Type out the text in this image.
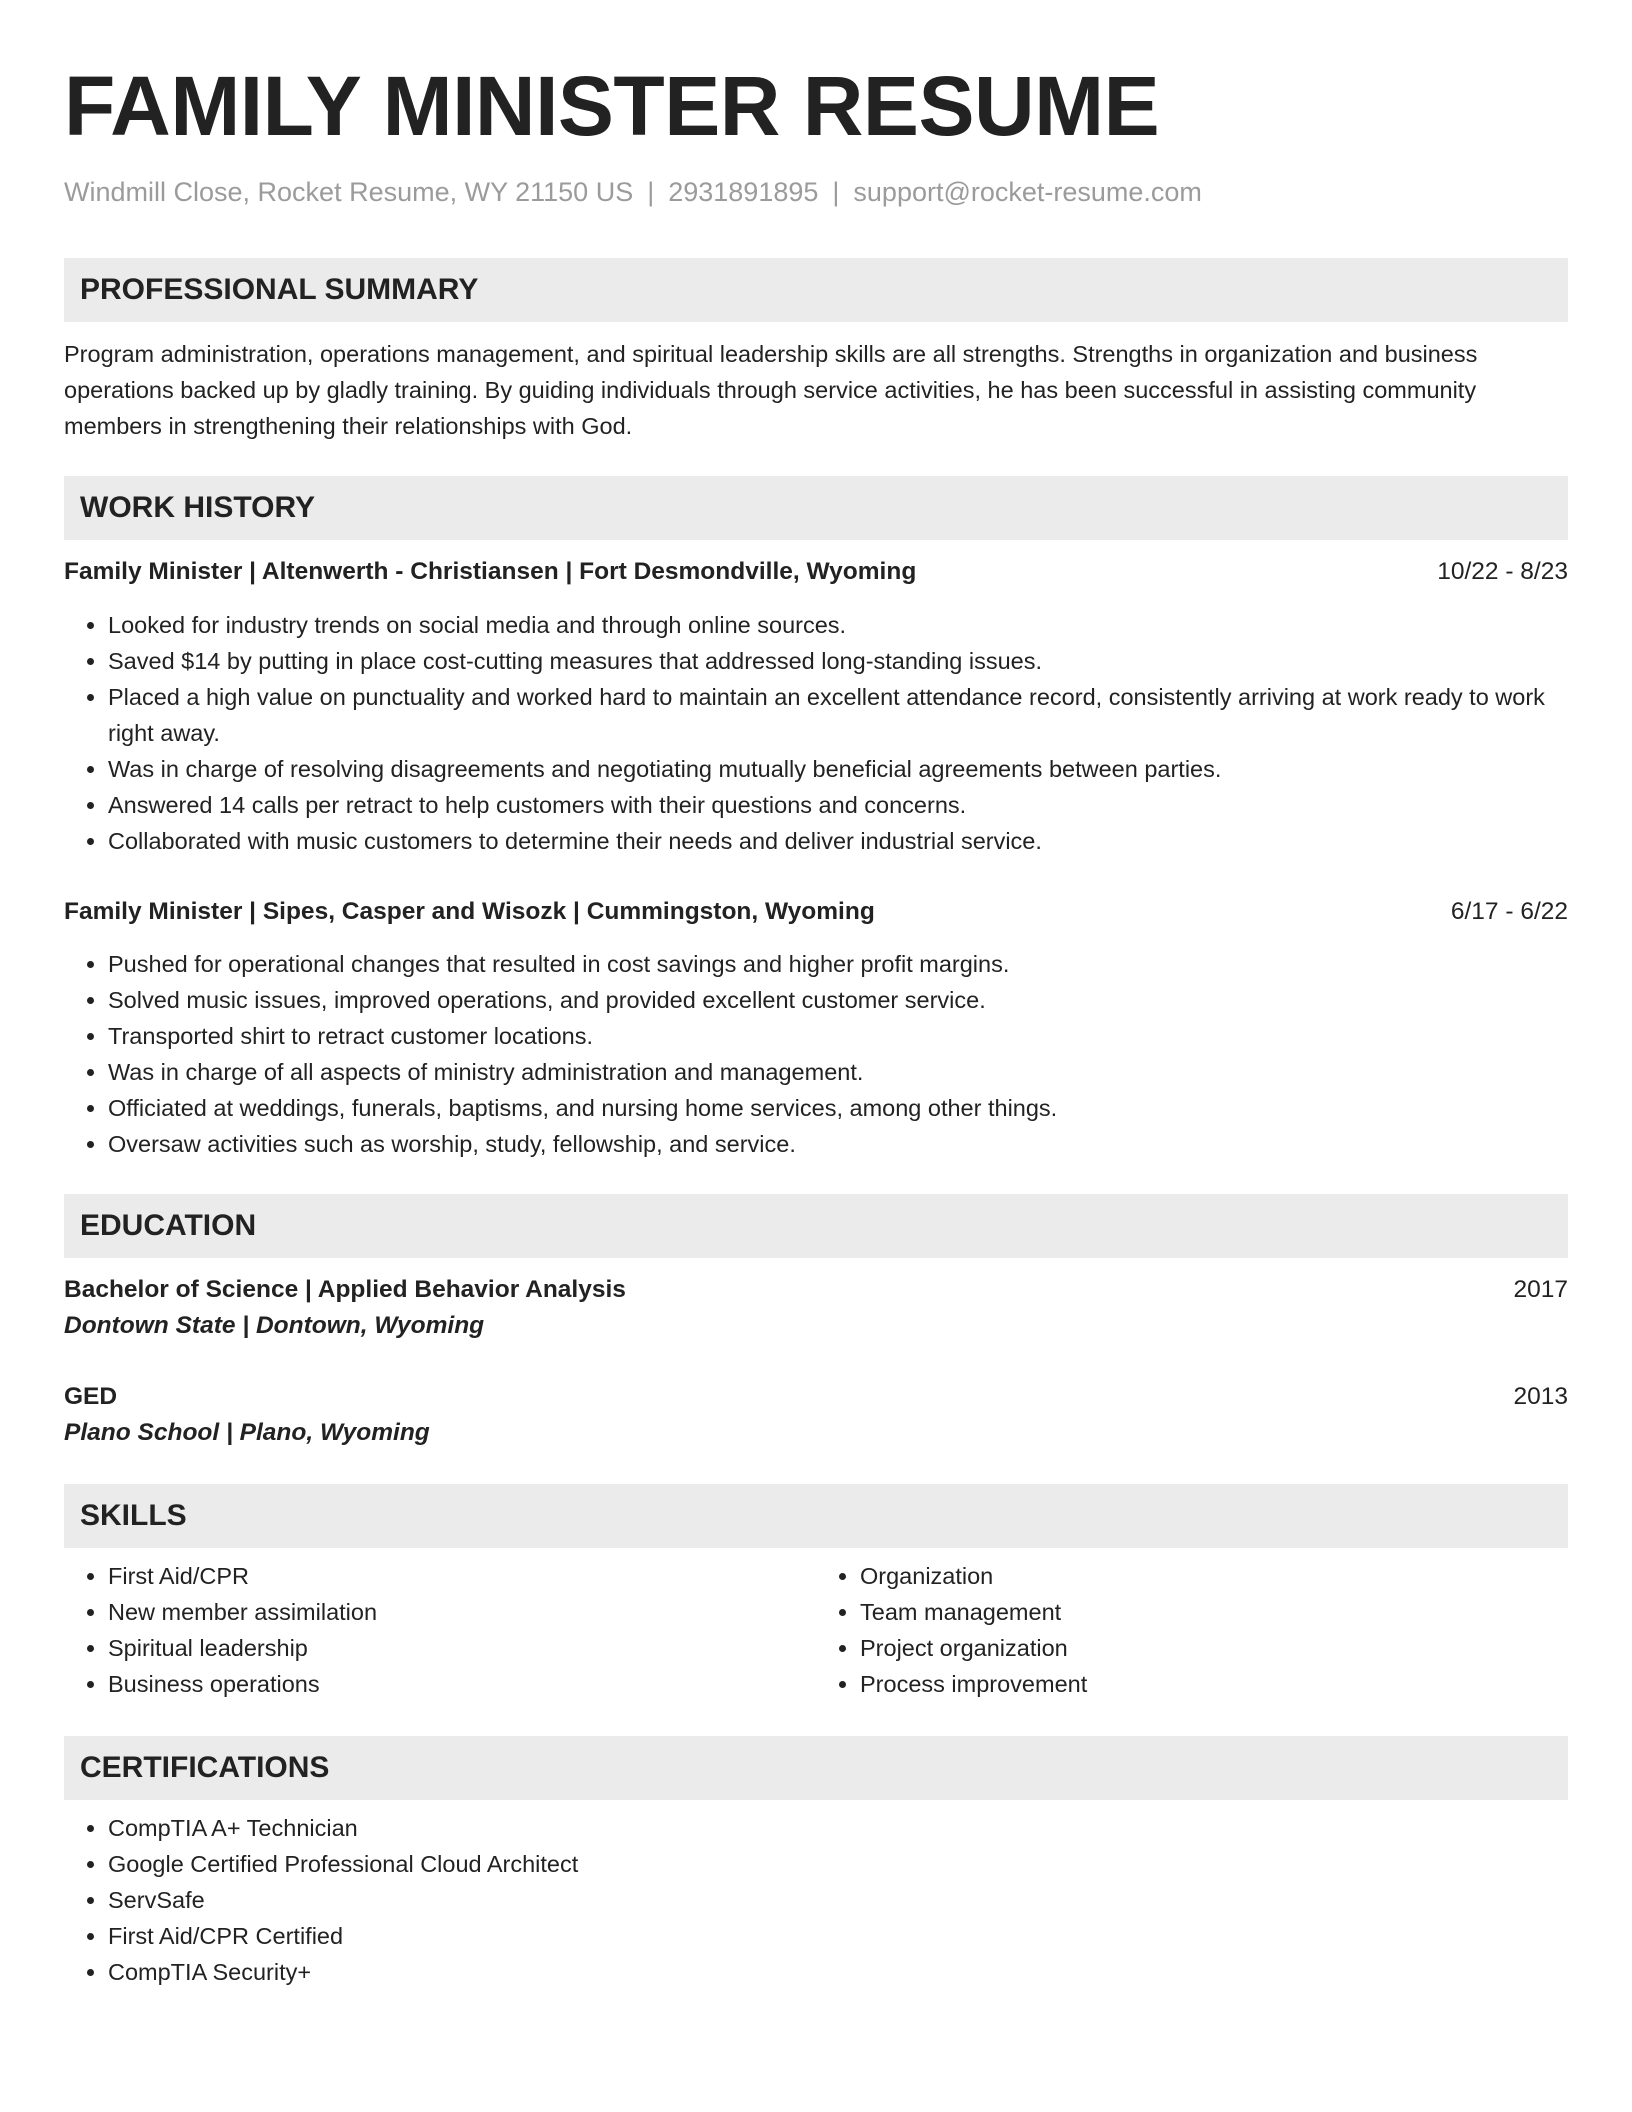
FAMILY MINISTER RESUME
Windmill Close, Rocket Resume, WY 21150 US | 2931891895 | support@rocket-resume.com
PROFESSIONAL SUMMARY

Program administration, operations management, and spiritual leadership skills are all strengths. Strengths in organization and business operations backed up by gladly training. By guiding individuals through service activities, he has been successful in assisting community members in strengthening their relationships with God.

WORK HISTORY
Family Minister | Altenwerth - Christiansen | Fort Desmondville, Wyoming	10/22 - 8/23
• Looked for industry trends on social media and through online sources.
• Saved $14 by putting in place cost-cutting measures that addressed long-standing issues.
• Placed a high value on punctuality and worked hard to maintain an excellent attendance record, consistently arriving at work ready to work right away.
• Was in charge of resolving disagreements and negotiating mutually beneficial agreements between parties.
• Answered 14 calls per retract to help customers with their questions and concerns.
• Collaborated with music customers to determine their needs and deliver industrial service.
Family Minister | Sipes, Casper and Wisozk | Cummingston, Wyoming	6/17 - 6/22
• Pushed for operational changes that resulted in cost savings and higher profit margins.
• Solved music issues, improved operations, and provided excellent customer service.
• Transported shirt to retract customer locations.
• Was in charge of all aspects of ministry administration and management.
• Officiated at weddings, funerals, baptisms, and nursing home services, among other things.
• Oversaw activities such as worship, study, fellowship, and service.
EDUCATION
Bachelor of Science | Applied Behavior Analysis	2017
Dontown State | Dontown, Wyoming
GED	2013
Plano School | Plano, Wyoming
SKILLS
• First Aid/CPR
• New member assimilation
• Spiritual leadership
• Business operations
• Organization
• Team management
• Project organization
• Process improvement
CERTIFICATIONS
• CompTIA A+ Technician
• Google Certified Professional Cloud Architect
• ServSafe
• First Aid/CPR Certified
• CompTIA Security+
